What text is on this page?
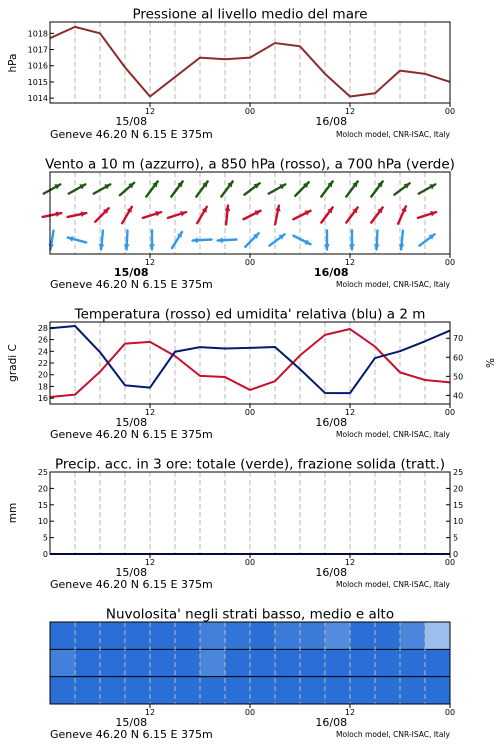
Pressione al livello medio del mare
hPa
12	00	12	00
15/08	16/08
1014
1015
1016
1017
1018
Geneve 46.20 N 6.15 E 375m	Moloch model, CNR-ISAC, Italy
Vento a 10 m (azzurro), a 850 hPa (rosso), a 700 hPa (verde)
12	00	12	00
15/08	16/08
Geneve 46.20 N 6.15 E 375m	Moloch model, CNR-ISAC, Italy
Temperatura (rosso) ed umidita' relativa (blu) a 2 m
gradi C	%
12	00	12	00
15/08	16/08
16
18
20
22
24
26
28
40
50
60
70
Geneve 46.20 N 6.15 E 375m	Moloch model, CNR-ISAC, Italy
Precip. acc. in 3 ore: totale (verde), frazione solida (tratt.)
mm
12	00	12	00
15/08	16/08
0
5
10
15
20
25
0
5
10
15
20
25
Geneve 46.20 N 6.15 E 375m	Moloch model, CNR-ISAC, Italy
Nuvolosita' negli strati basso, medio e alto
12	00	12	00
15/08	16/08
Geneve 46.20 N 6.15 E 375m	Moloch model, CNR-ISAC, Italy
